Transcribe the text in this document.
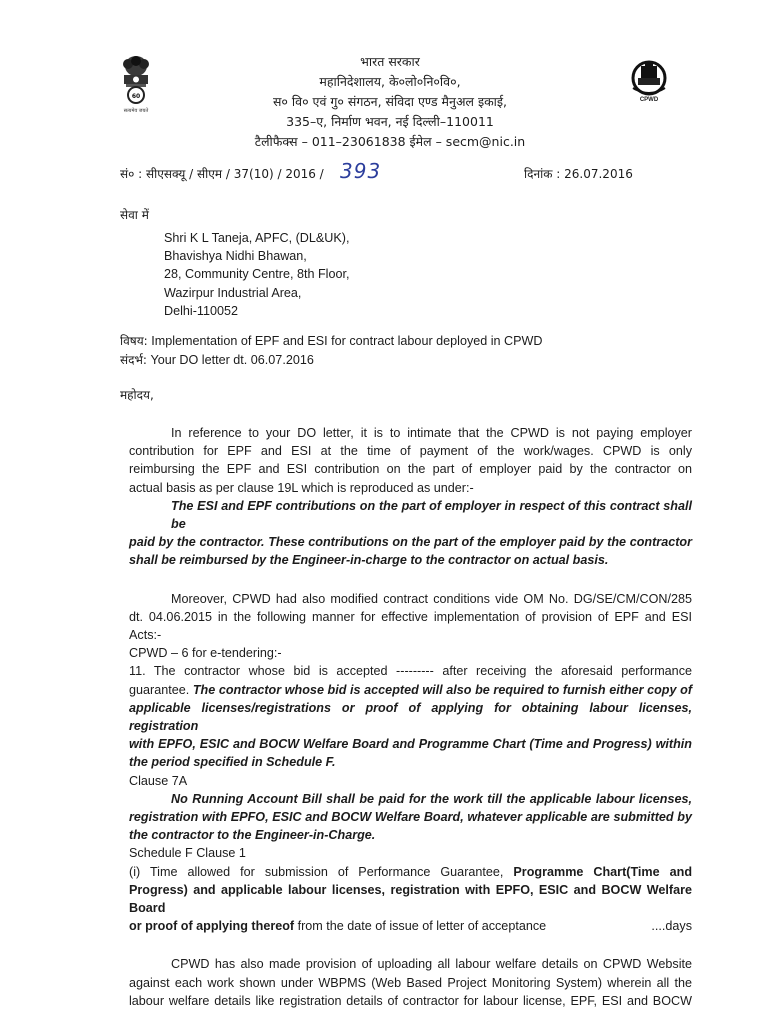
60
सत्यमेव जयते
CPWD
भारत सरकार
महानिदेशालय, के०लो०नि०वि०,
स० वि० एवं गु० संगठन, संविदा एण्ड मैनुअल इकाई,
335–ए, निर्माण भवन, नई दिल्ली–110011
टैलीफैक्स – 011–23061838 ईमेल – secm@nic.in
सं० : सीएसक्यू / सीएम / 37(10) / 2016 / 393	दिनांक : 26.07.2016
सेवा में
Shri K L Taneja, APFC, (DL&UK),
Bhavishya Nidhi Bhawan,
28, Community Centre, 8th Floor,
Wazirpur Industrial Area,
Delhi-110052
विषय: Implementation of EPF and ESI for contract labour deployed in CPWD
संदर्भ: Your DO letter dt. 06.07.2016
महोदय,
In reference to your DO letter, it is to intimate that the CPWD is not paying employer
contribution for EPF and ESI at the time of payment of the work/wages. CPWD is only
reimbursing the EPF and ESI contribution on the part of employer paid by the contractor on
actual basis as per clause 19L which is reproduced as under:-
The ESI and EPF contributions on the part of employer in respect of this contract shall be
paid by the contractor. These contributions on the part of the employer paid by the contractor
shall be reimbursed by the Engineer-in-charge to the contractor on actual basis.
Moreover, CPWD had also modified contract conditions vide OM No. DG/SE/CM/CON/285
dt. 04.06.2015 in the following manner for effective implementation of provision of EPF and ESI
Acts:-
CPWD – 6 for e-tendering:-
11. The contractor whose bid is accepted --------- after receiving the aforesaid performance
guarantee. The contractor whose bid is accepted will also be required to furnish either copy of
applicable licenses/registrations or proof of applying for obtaining labour licenses, registration
with EPFO, ESIC and BOCW Welfare Board and Programme Chart (Time and Progress) within
the period specified in Schedule F.
Clause 7A
No Running Account Bill shall be paid for the work till the applicable labour licenses,
registration with EPFO, ESIC and BOCW Welfare Board, whatever applicable are submitted by
the contractor to the Engineer-in-Charge.
Schedule F Clause 1
(i) Time allowed for submission of Performance Guarantee, Programme Chart(Time and
Progress) and applicable labour licenses, registration with EPFO, ESIC and BOCW Welfare Board
or proof of applying thereof from the date of issue of letter of acceptance	....days
CPWD has also made provision of uploading all labour welfare details on CPWD Website
against each work shown under WBPMS (Web Based Project Monitoring System) wherein all the
labour welfare details like registration details of contractor for labour license, EPF, ESI and BOCW
